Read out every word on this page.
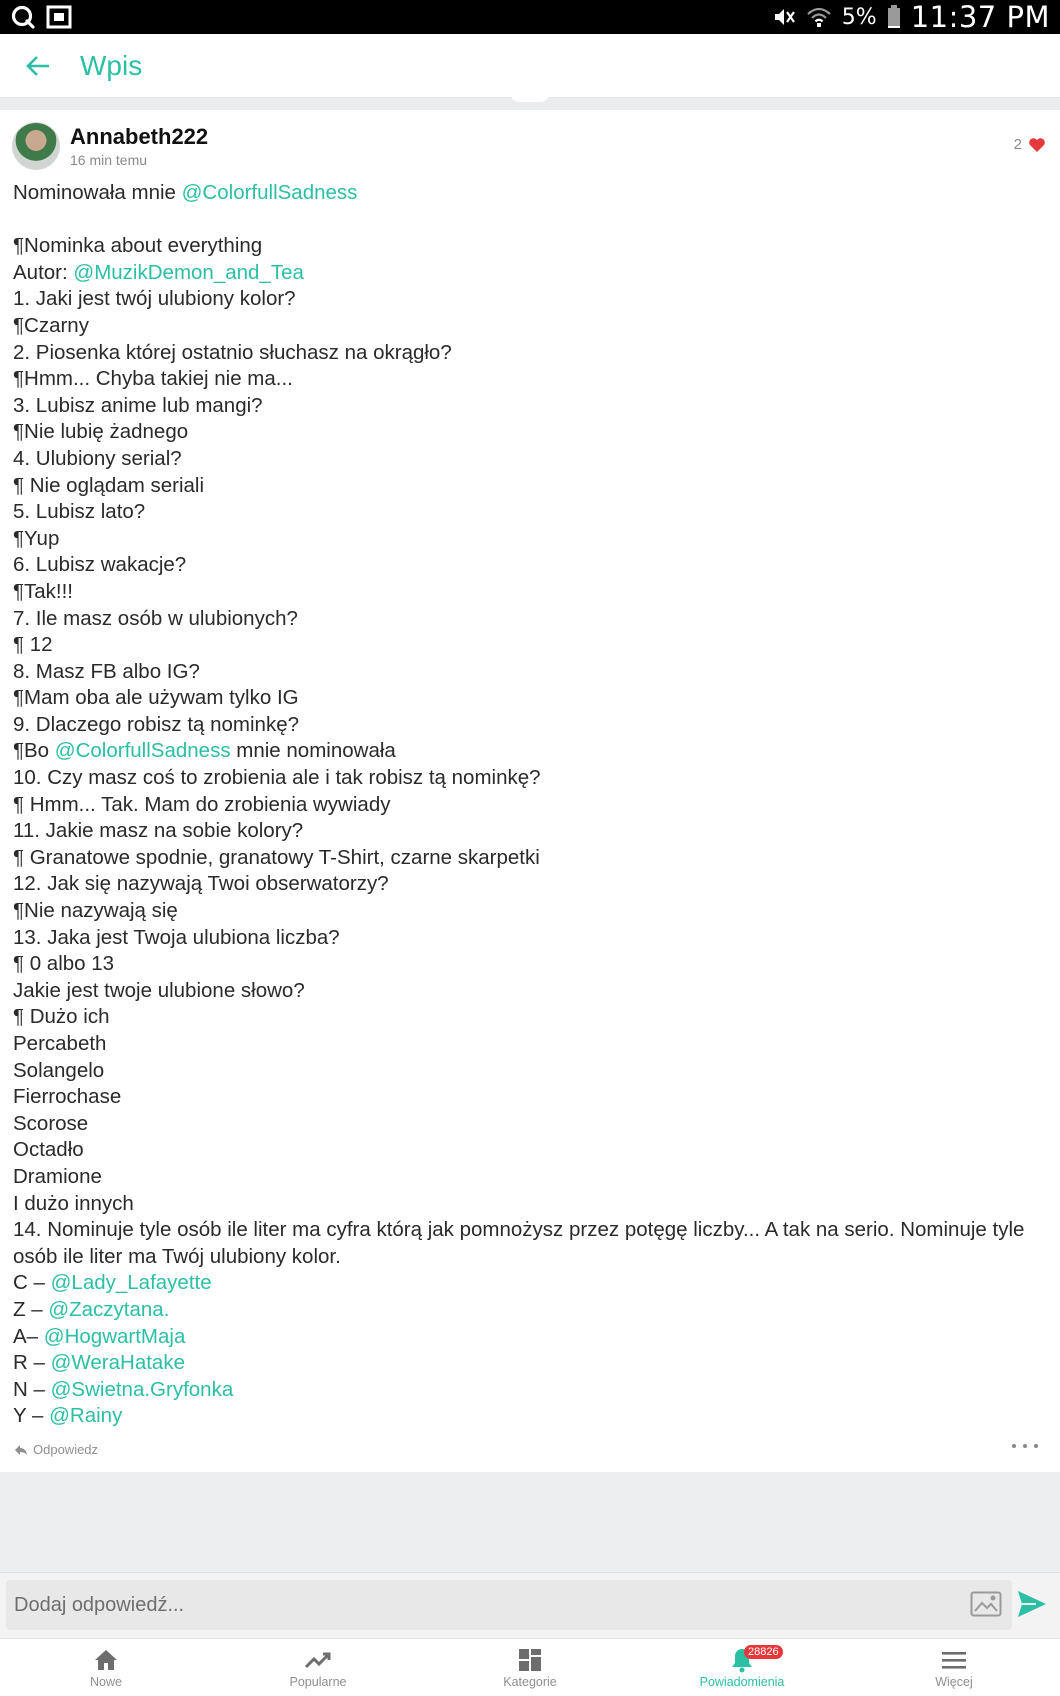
5% 11:37 PM
Wpis
Annabeth222
16 min temu
2
Nominowała mnie @ColorfullSadness
¶Nominka about everything
Autor: @MuzikDemon_and_Tea
1. Jaki jest twój ulubiony kolor?
¶Czarny
2. Piosenka której ostatnio słuchasz na okrągło?
¶Hmm... Chyba takiej nie ma...
3. Lubisz anime lub mangi?
¶Nie lubię żadnego
4. Ulubiony serial?
¶ Nie oglądam seriali
5. Lubisz lato?
¶Yup
6. Lubisz wakacje?
¶Tak!!!
7. Ile masz osób w ulubionych?
¶ 12
8. Masz FB albo IG?
¶Mam oba ale używam tylko IG
9. Dlaczego robisz tą nominkę?
¶Bo @ColorfullSadness mnie nominowała
10. Czy masz coś to zrobienia ale i tak robisz tą nominkę?
¶ Hmm... Tak. Mam do zrobienia wywiady
11. Jakie masz na sobie kolory?
¶ Granatowe spodnie, granatowy T-Shirt, czarne skarpetki
12. Jak się nazywają Twoi obserwatorzy?
¶Nie nazywają się
13. Jaka jest Twoja ulubiona liczba?
¶ 0 albo 13
Jakie jest twoje ulubione słowo?
¶ Dużo ich
Percabeth
Solangelo
Fierrochase
Scorose
Octadło
Dramione
I dużo innych
14. Nominuje tyle osób ile liter ma cyfra którą jak pomnożysz przez potęgę liczby... A tak na serio. Nominuje tyle osób ile liter ma Twój ulubiony kolor.
C – @Lady_Lafayette
Z – @Zaczytana.
A– @HogwartMaja
R – @WeraHatake
N – @Swietna.Gryfonka
Y – @Rainy
Odpowiedz
Dodaj odpowiedź...
Nowe	Popularne	Kategorie
28826
Powiadomienia	Więcej
